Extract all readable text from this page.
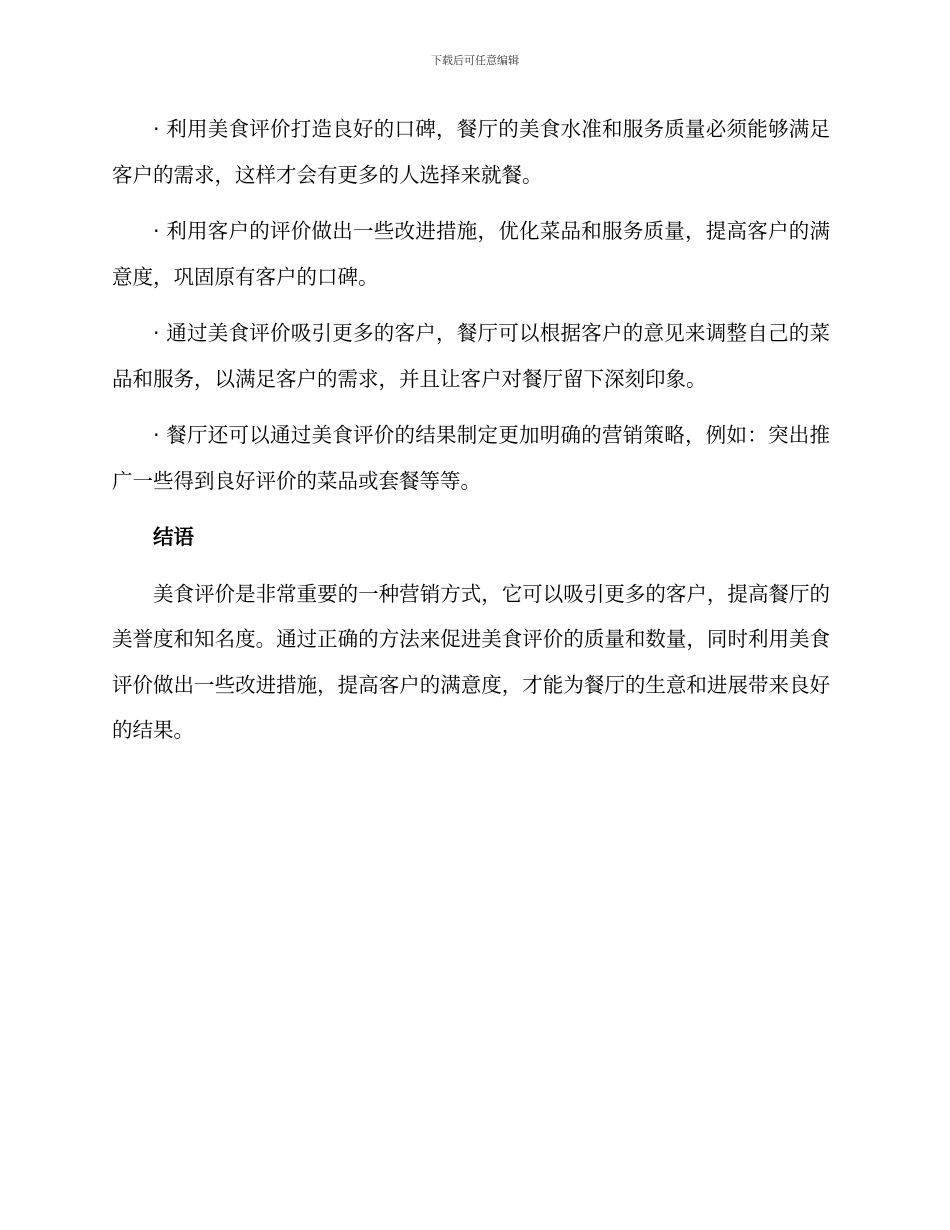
下载后可任意编辑

· 利用美食评价打造良好的口碑，餐厅的美食水准和服务质量必须能够满足客户的需求，这样才会有更多的人选择来就餐。

· 利用客户的评价做出一些改进措施，优化菜品和服务质量，提高客户的满意度，巩固原有客户的口碑。

· 通过美食评价吸引更多的客户，餐厅可以根据客户的意见来调整自己的菜品和服务，以满足客户的需求，并且让客户对餐厅留下深刻印象。

· 餐厅还可以通过美食评价的结果制定更加明确的营销策略，例如：突出推广一些得到良好评价的菜品或套餐等等。

结语

美食评价是非常重要的一种营销方式，它可以吸引更多的客户，提高餐厅的美誉度和知名度。通过正确的方法来促进美食评价的质量和数量，同时利用美食评价做出一些改进措施，提高客户的满意度，才能为餐厅的生意和进展带来良好的结果。
